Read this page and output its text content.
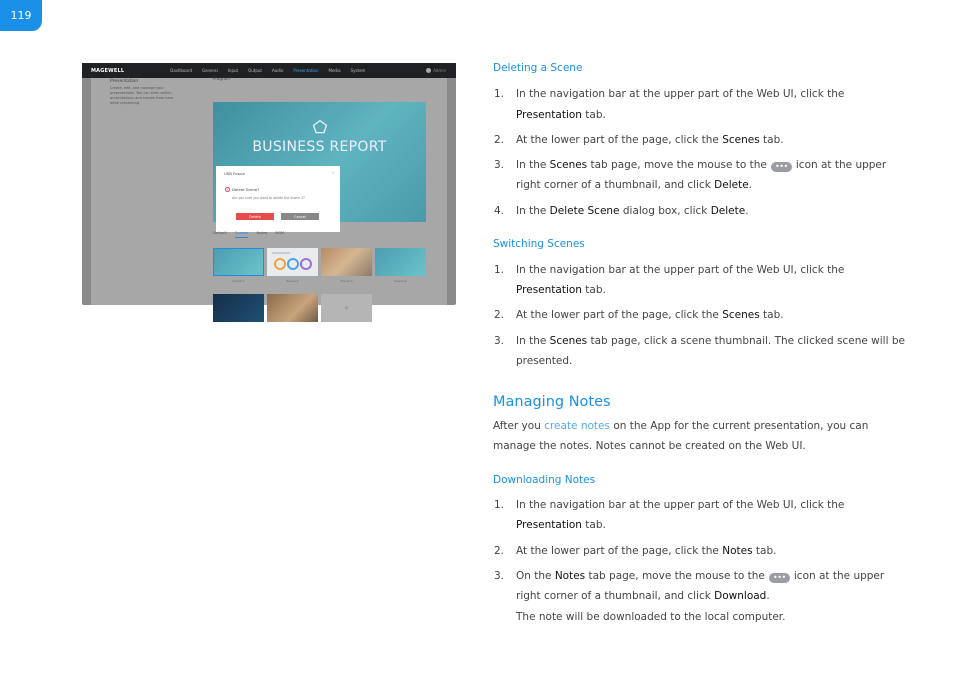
119
MAGEWELL	Dashboard	General	Input	Output	Audio	Presentation	Media	System	Admin
Presentation
Create, edit, and manage your
presentations. You can even switch
presentations and scenes from here
while presenting.
Program
BUSINESS REPORT
USB Fusion	×
!	Delete Scene?
Are you sure you want to delete the Scene 3?
Delete	Cancel
Default Scenes Notes BGM
Scene 1	Scene 2	Scene 3	Scene 4
+
Deleting a Scene
1. In the navigation bar at the upper part of the Web UI, click the
Presentation tab.
2. At the lower part of the page, click the Scenes tab.
3. In the Scenes tab page, move the mouse to the ••• icon at the upper
right corner of a thumbnail, and click Delete.
4. In the Delete Scene dialog box, click Delete.
Switching Scenes
1. In the navigation bar at the upper part of the Web UI, click the
Presentation tab.
2. At the lower part of the page, click the Scenes tab.
3. In the Scenes tab page, click a scene thumbnail. The clicked scene will be
presented.
Managing Notes
After you create notes on the App for the current presentation, you can
manage the notes. Notes cannot be created on the Web UI.
Downloading Notes
1. In the navigation bar at the upper part of the Web UI, click the
Presentation tab.
2. At the lower part of the page, click the Notes tab.
3. On the Notes tab page, move the mouse to the ••• icon at the upper
right corner of a thumbnail, and click Download.
The note will be downloaded to the local computer.
